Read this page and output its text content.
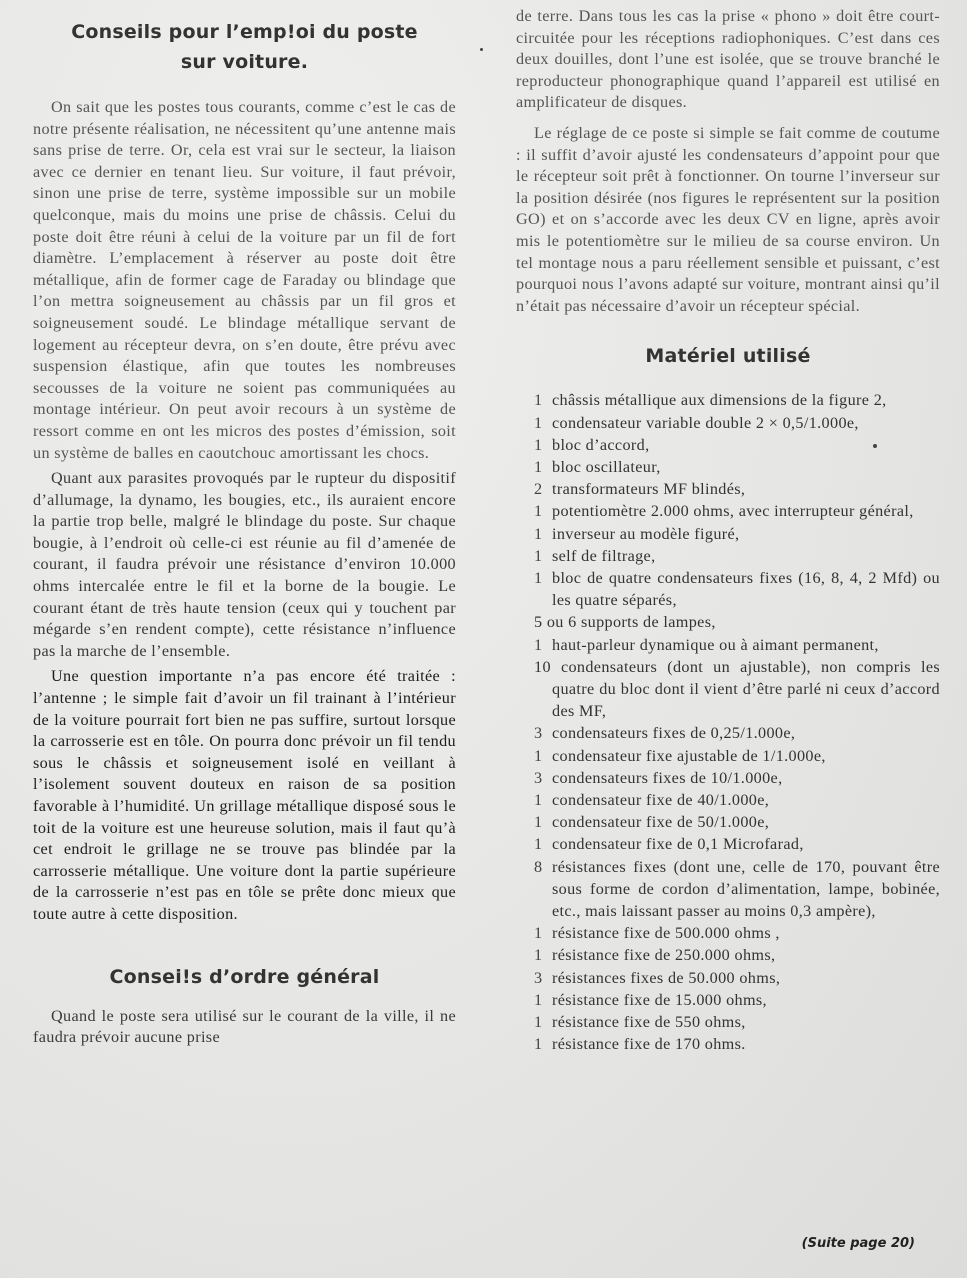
Conseils pour l’emp!oi du poste
sur voiture.

On sait que les postes tous courants, comme c’est le cas de notre présente réalisation, ne nécessitent qu’une antenne mais sans prise de terre. Or, cela est vrai sur le secteur, la liaison avec ce dernier en tenant lieu. Sur voiture, il faut prévoir, sinon une prise de terre, système impossible sur un mobile quelconque, mais du moins une prise de châssis. Celui du poste doit être réuni à celui de la voiture par un fil de fort diamètre. L’emplacement à réserver au poste doit être métallique, afin de former cage de Faraday ou blindage que l’on mettra soigneusement au châssis par un fil gros et soigneusement soudé. Le blindage métallique servant de logement au récepteur devra, on s’en doute, être prévu avec suspension élastique, afin que toutes les nombreuses secousses de la voiture ne soient pas communiquées au montage intérieur. On peut avoir recours à un système de ressort comme en ont les micros des postes d’émission, soit un système de balles en caoutchouc amortissant les chocs.

Quant aux parasites provoqués par le rupteur du dispositif d’allumage, la dynamo, les bougies, etc., ils auraient encore la partie trop belle, malgré le blindage du poste. Sur chaque bougie, à l’endroit où celle-ci est réunie au fil d’amenée de courant, il faudra prévoir une résistance d’environ 10.000 ohms intercalée entre le fil et la borne de la bougie. Le courant étant de très haute tension (ceux qui y touchent par mégarde s’en rendent compte), cette résistance n’influence pas la marche de l’ensemble.

Une question importante n’a pas encore été traitée : l’antenne ; le simple fait d’avoir un fil trainant à l’intérieur de la voiture pourrait fort bien ne pas suffire, surtout lorsque la carrosserie est en tôle. On pourra donc prévoir un fil tendu sous le châssis et soigneusement isolé en veillant à l’isolement souvent douteux en raison de sa position favorable à l’humidité. Un grillage métallique disposé sous le toit de la voiture est une heureuse solution, mais il faut qu’à cet endroit le grillage ne se trouve pas blindée par la carrosserie métallique. Une voiture dont la partie supérieure de la carrosserie n’est pas en tôle se prête donc mieux que toute autre à cette disposition.

Consei!s d’ordre général

Quand le poste sera utilisé sur le courant de la ville, il ne faudra prévoir aucune prise

de terre. Dans tous les cas la prise « phono » doit être court-circuitée pour les réceptions radiophoniques. C’est dans ces deux douilles, dont l’une est isolée, que se trouve branché le reproducteur phonographique quand l’appareil est utilisé en amplificateur de disques.

Le réglage de ce poste si simple se fait comme de coutume : il suffit d’avoir ajusté les condensateurs d’appoint pour que le récepteur soit prêt à fonctionner. On tourne l’inverseur sur la position désirée (nos figures le représentent sur la position GO) et on s’accorde avec les deux CV en ligne, après avoir mis le potentiomètre sur le milieu de sa course environ. Un tel montage nous a paru réellement sensible et puissant, c’est pourquoi nous l’avons adapté sur voiture, montrant ainsi qu’il n’était pas nécessaire d’avoir un récepteur spécial.

Matériel utilisé
1 châssis métallique aux dimensions de la figure 2,
1 condensateur variable double 2 × 0,5/1.000e,
1 bloc d’accord,
1 bloc oscillateur,
2 transformateurs MF blindés,
1 potentiomètre 2.000 ohms, avec interrupteur général,
1 inverseur au modèle figuré,
1 self de filtrage,
1 bloc de quatre condensateurs fixes (16, 8, 4, 2 Mfd) ou les quatre séparés,
5 ou 6 supports de lampes,
1 haut-parleur dynamique ou à aimant permanent,
10 condensateurs (dont un ajustable), non compris les quatre du bloc dont il vient d’être parlé ni ceux d’accord des MF,
3 condensateurs fixes de 0,25/1.000e,
1 condensateur fixe ajustable de 1/1.000e,
3 condensateurs fixes de 10/1.000e,
1 condensateur fixe de 40/1.000e,
1 condensateur fixe de 50/1.000e,
1 condensateur fixe de 0,1 Microfarad,
8 résistances fixes (dont une, celle de 170, pouvant être sous forme de cordon d’alimentation, lampe, bobinée, etc., mais laissant passer au moins 0,3 ampère),
1 résistance fixe de 500.000 ohms ,
1 résistance fixe de 250.000 ohms,
3 résistances fixes de 50.000 ohms,
1 résistance fixe de 15.000 ohms,
1 résistance fixe de 550 ohms,
1 résistance fixe de 170 ohms.
(Suite page 20)
